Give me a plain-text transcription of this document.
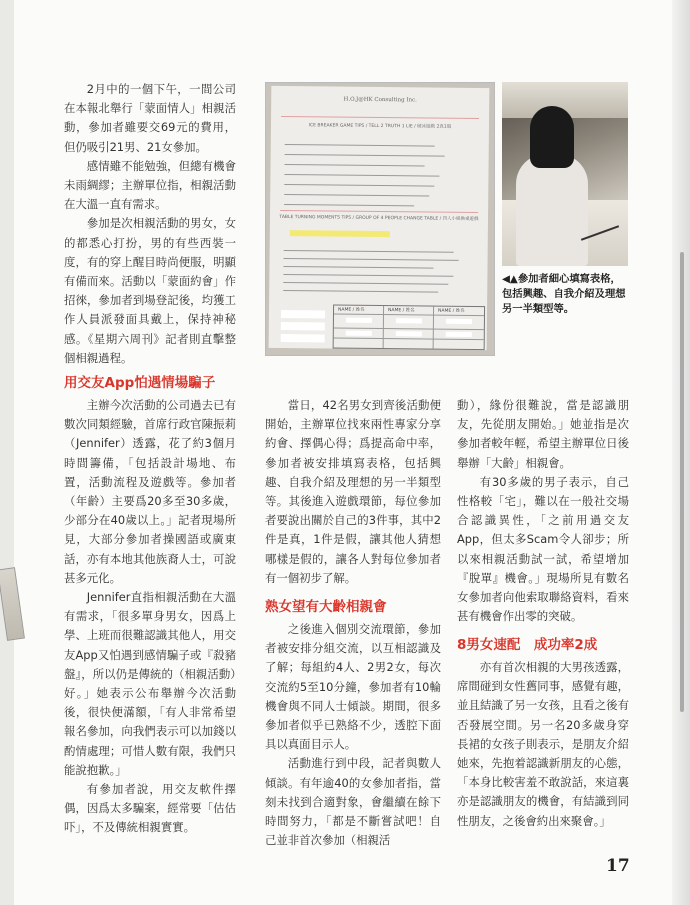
2月中的一個下午，一間公司在本報北舉行「蒙面情人」相親活動，參加者雖要交69元的費用，但仍吸引21男、21女參加。

感情雖不能勉強，但總有機會未雨綢繆；主辦單位指，相親活動在大溫一直有需求。

參加是次相親活動的男女，女的都悉心打扮，男的有些西裝一度，有的穿上醒目時尚便服，明顯有備而來。活動以「蒙面約會」作招徠，參加者到場登記後，均獲工作人員派發面具戴上，保持神秘感。《星期六周刊》記者則直擊整個相親過程。

用交友App怕遇情場騙子

主辦今次活動的公司過去已有數次同類經驗，首席行政官陳振莉（Jennifer）透露，花了約3個月時間籌備，「包括設計場地、布置，活動流程及遊戲等。參加者（年齡）主要爲20多至30多歲，少部分在40歲以上。」記者現場所見，大部分參加者操國語或廣東話，亦有本地其他族裔人士，可說甚多元化。

Jennifer直指相親活動在大溫有需求，「很多單身男女，因爲上學、上班而很難認識其他人，用交友App又怕遇到感情騙子或『殺豬盤』，所以仍是傳統的（相親活動）好。」她表示公布舉辦今次活動後，很快便滿額，「有人非常希望報名參加，向我們表示可以加錢以酌情處理；可惜人數有限，我們只能說抱歉。」

有參加者說，用交友軟件擇偶，因爲太多騙案，經常要「估估吓」，不及傳統相親實實。

H.O.J@HK Consulting Inc.
ICE BREAKER GAME TIPS / TELL 2 TRUTH 1 LIE / 破冰遊戲 2真1假
TABLE TURNING MOMENTS TIPS / GROUP OF 4 PEOPLE CHANGE TABLE / 四人小組換桌遊戲
NAME / 姓名	NAME / 姓名	NAME / 姓名
◀▲參加者細心填寫表格，包括興趣、自我介紹及理想另一半類型等。

當日，42名男女到齊後活動便開始，主辦單位找來兩性專家分享約會、擇偶心得；爲提高命中率，參加者被安排填寫表格，包括興趣、自我介紹及理想的另一半類型等。其後進入遊戲環節，每位參加者要說出關於自己的3件事，其中2件是真，1件是假，讓其他人猜想哪樣是假的，讓各人對每位參加者有一個初步了解。

熟女望有大齡相親會

之後進入個別交流環節，參加者被安排分組交流，以互相認識及了解；每組約4人、2男2女，每次交流約5至10分鐘，參加者有10輪機會與不同人士傾談。期間，很多參加者似乎已熟絡不少，透腔下面具以真面目示人。

活動進行到中段，記者與數人傾談。有年逾40的女參加者指，當刻未找到合適對象，會繼續在餘下時間努力，「都是不斷嘗試吧！自己並非首次參加（相親活

動），緣份很難說，當是認識朋友，先從朋友開始。」她並指是次參加者較年輕，希望主辦單位日後舉辦「大齡」相親會。

有30多歲的男子表示，自己性格較「宅」，難以在一般社交場合認識異性，「之前用過交友App，但太多Scam令人卻步；所以來相親活動試一試，希望增加『脫單』機會。」現場所見有數名女參加者向他索取聯絡資料，看來甚有機會作出零的突破。

8男女速配　成功率2成

亦有首次相親的大男孩透露，席間碰到女性舊同事，感覺有趣，並且結識了另一女孩，且看之後有否發展空間。另一名20多歲身穿長裙的女孩子則表示，是朋友介紹她來，先抱着認識新朋友的心態，「本身比較害羞不敢說話，來這裏亦是認識朋友的機會，有結識到同性朋友，之後會約出來聚會。」

17
